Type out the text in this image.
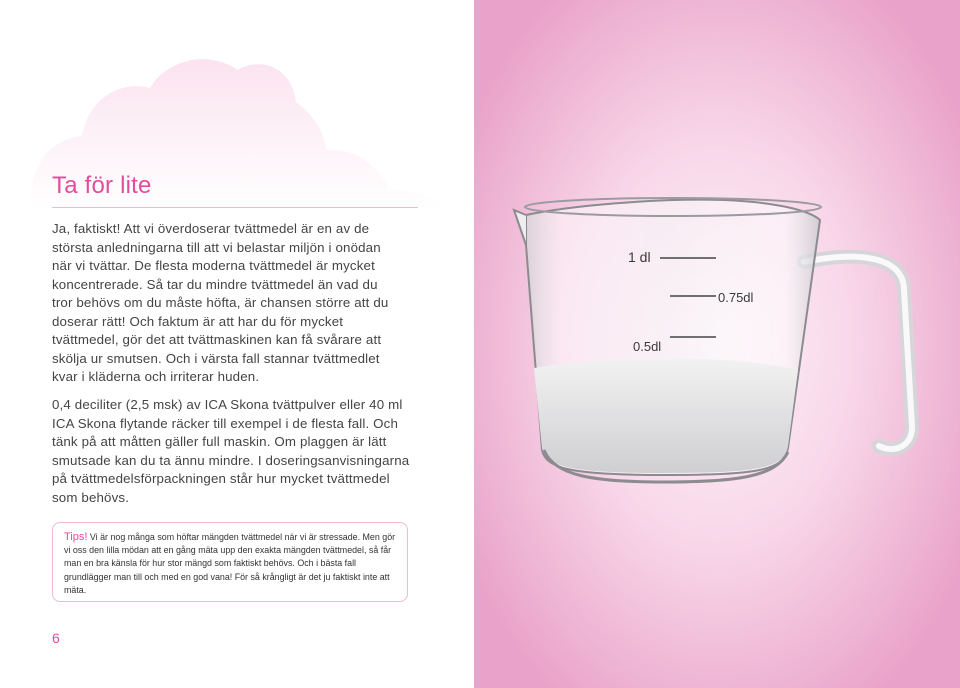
Ta för lite

Ja, faktiskt! Att vi överdoserar tvättmedel är en av de största anledningarna till att vi belastar miljön i onödan när vi tvättar. De flesta moderna tvättmedel är mycket koncentrerade. Så tar du mindre tvättmedel än vad du tror behövs om du måste höfta, är chansen större att du doserar rätt! Och faktum är att har du för mycket tvättmedel, gör det att tvättmaskinen kan få svårare att skölja ur smutsen. Och i värsta fall stannar tvättmedlet kvar i kläderna och irriterar huden.

0,4 deciliter (2,5 msk) av ICA Skona tvättpulver eller 40 ml ICA Skona flytande räcker till exempel i de flesta fall. Och tänk på att måtten gäller full maskin. Om plaggen är lätt smutsade kan du ta ännu mindre. I doseringsanvisningarna på tvättmedelsförpackningen står hur mycket tvättmedel som behövs.

Tips! Vi är nog många som höftar mängden tvättmedel när vi är stressade. Men gör vi oss den lilla mödan att en gång mäta upp den exakta mängden tvättmedel, så får man en bra känsla för hur stor mängd som faktiskt behövs. Och i bästa fall grundlägger man till och med en god vana! För så krångligt är det ju faktiskt inte att mäta.
6
1 dl
0.75dl
0.5dl
